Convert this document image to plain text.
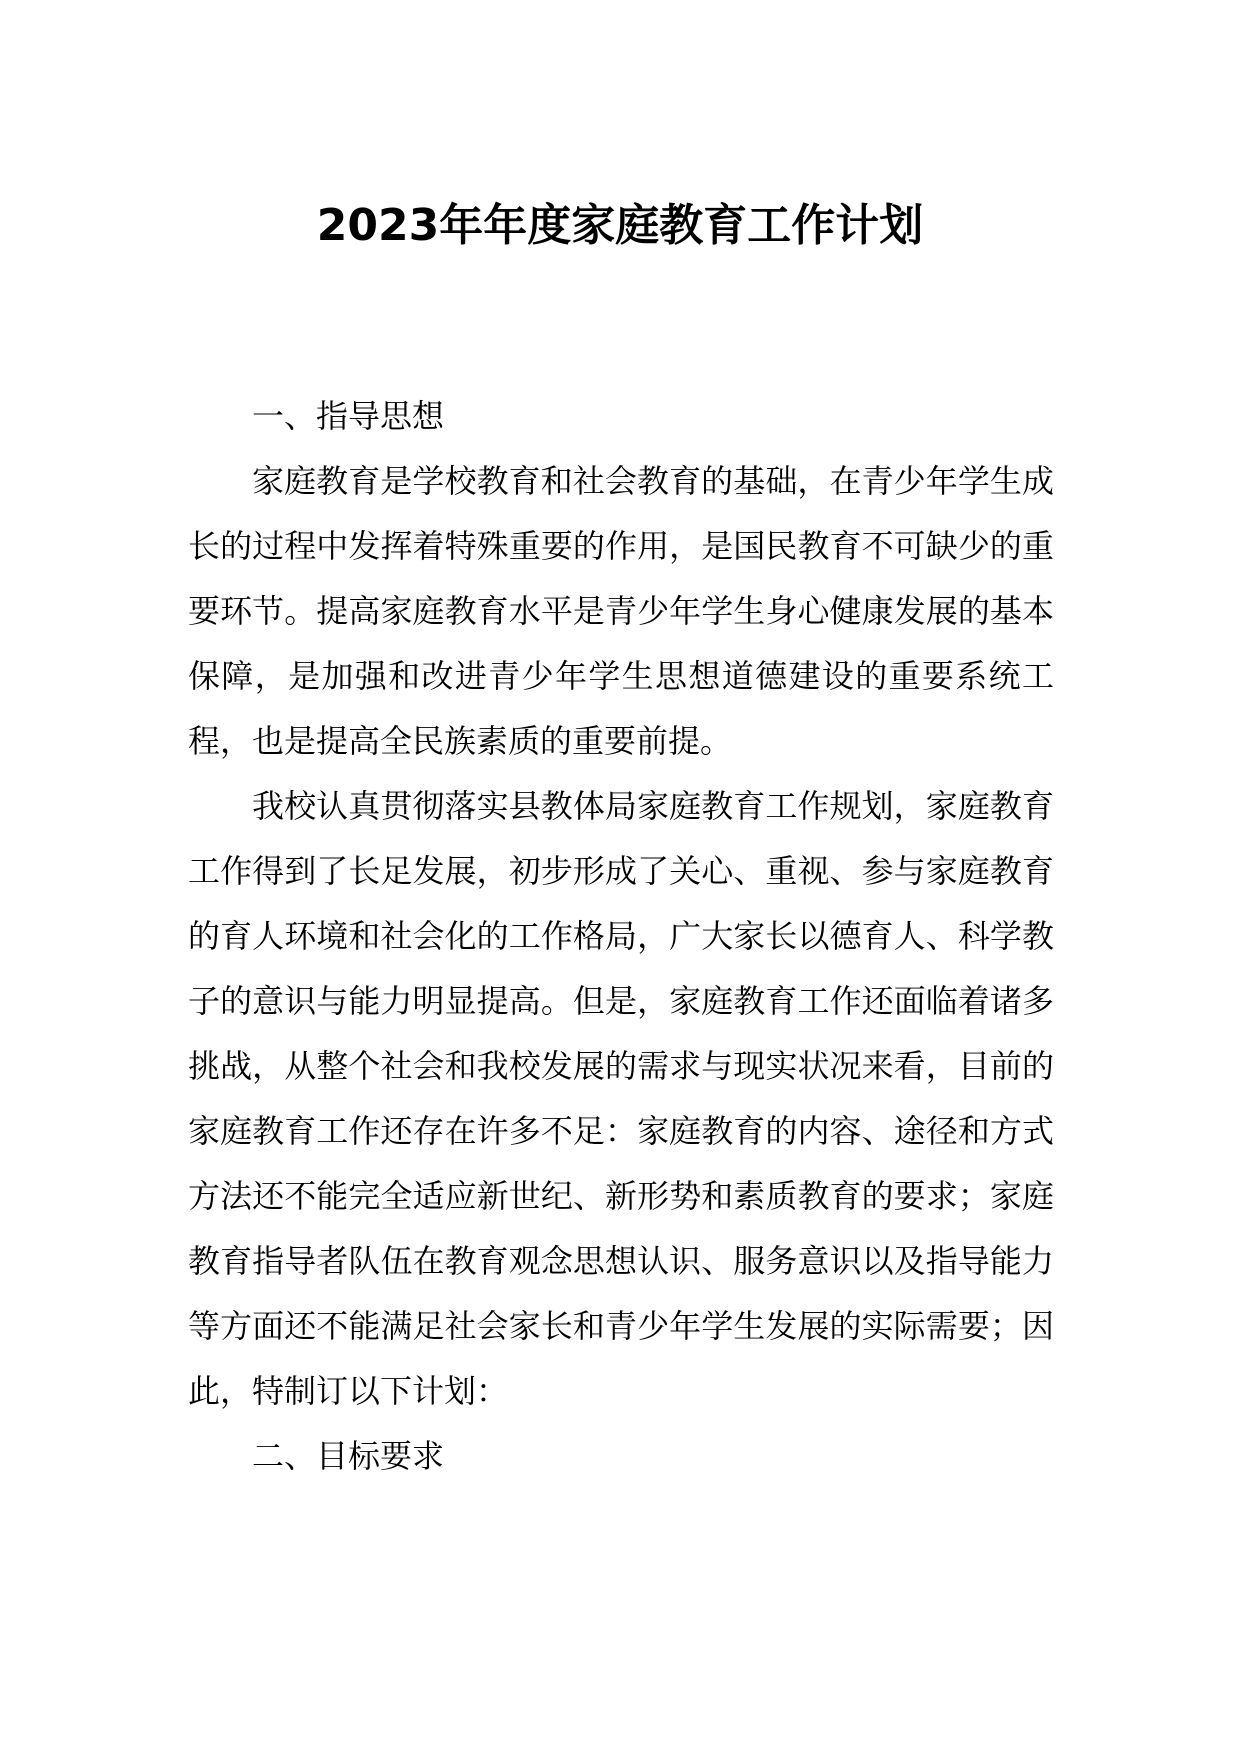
2023年年度家庭教育工作计划

一、指导思想

家庭教育是学校教育和社会教育的基础，在青少年学生成长的过程中发挥着特殊重要的作用，是国民教育不可缺少的重要环节。提高家庭教育水平是青少年学生身心健康发展的基本保障，是加强和改进青少年学生思想道德建设的重要系统工程，也是提高全民族素质的重要前提。

我校认真贯彻落实县教体局家庭教育工作规划，家庭教育工作得到了长足发展，初步形成了关心、重视、参与家庭教育的育人环境和社会化的工作格局，广大家长以德育人、科学教子的意识与能力明显提高。但是，家庭教育工作还面临着诸多挑战，从整个社会和我校发展的需求与现实状况来看，目前的家庭教育工作还存在许多不足：家庭教育的内容、途径和方式方法还不能完全适应新世纪、新形势和素质教育的要求；家庭教育指导者队伍在教育观念思想认识、服务意识以及指导能力等方面还不能满足社会家长和青少年学生发展的实际需要；因此，特制订以下计划：

二、目标要求
